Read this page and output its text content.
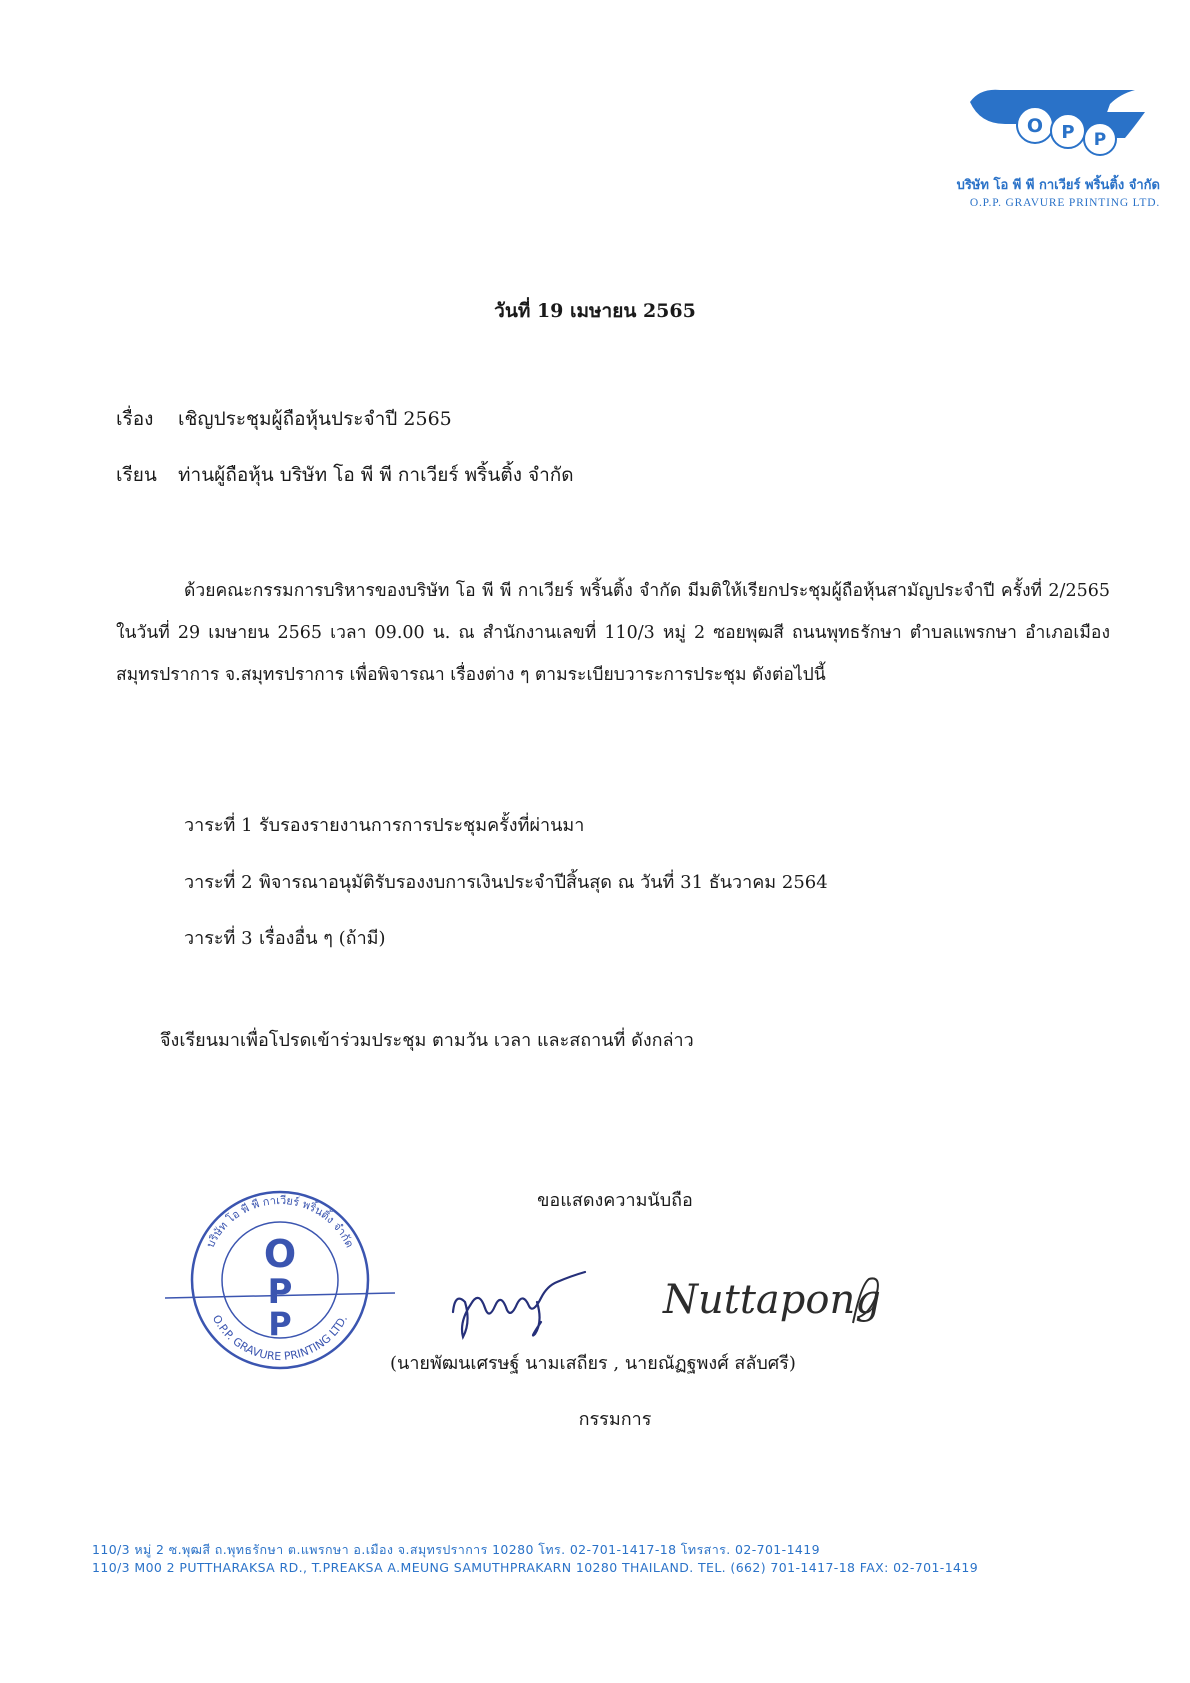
O P P
บริษัท โอ พี พี กาเวียร์ พริ้นติ้ง จำกัด
O.P.P. GRAVURE PRINTING LTD.
วันที่ 19 เมษายน 2565
เรื่อง เชิญประชุมผู้ถือหุ้นประจำปี 2565
เรียน ท่านผู้ถือหุ้น บริษัท โอ พี พี กาเวียร์ พริ้นติ้ง จำกัด
ด้วยคณะกรรมการบริหารของบริษัท โอ พี พี กาเวียร์ พริ้นติ้ง จำกัด มีมติให้เรียกประชุมผู้ถือหุ้นสามัญประจำปี ครั้งที่ 2/2565 ในวันที่ 29 เมษายน 2565 เวลา 09.00 น. ณ สำนักงานเลขที่ 110/3 หมู่ 2 ซอยพุฒสี ถนนพุทธรักษา ตำบลแพรกษา อำเภอเมืองสมุทรปราการ จ.สมุทรปราการ เพื่อพิจารณา เรื่องต่าง ๆ ตามระเบียบวาระการประชุม ดังต่อไปนี้
วาระที่ 1 รับรองรายงานการการประชุมครั้งที่ผ่านมา
วาระที่ 2 พิจารณาอนุมัติรับรองงบการเงินประจำปีสิ้นสุด ณ วันที่ 31 ธันวาคม 2564
วาระที่ 3 เรื่องอื่น ๆ (ถ้ามี)
จึงเรียนมาเพื่อโปรดเข้าร่วมประชุม ตามวัน เวลา และสถานที่ ดังกล่าว
ขอแสดงความนับถือ
บริษัท โอ พี พี กาเวียร์ พริ้นติ้ง จำกัด
O.P.P. GRAVURE PRINTING LTD.
O
P
P
Nuttapong
(นายพัฒนเศรษฐ์ นามเสถียร , นายณัฏฐพงศ์ สลับศรี)
กรรมการ
110/3 หมู่ 2 ซ.พุฒสี ถ.พุทธรักษา ต.แพรกษา อ.เมือง จ.สมุทรปราการ 10280 โทร. 02-701-1417-18 โทรสาร. 02-701-1419
110/3 M00 2 PUTTHARAKSA RD., T.PREAKSA A.MEUNG SAMUTHPRAKARN 10280 THAILAND. TEL. (662) 701-1417-18 FAX: 02-701-1419
